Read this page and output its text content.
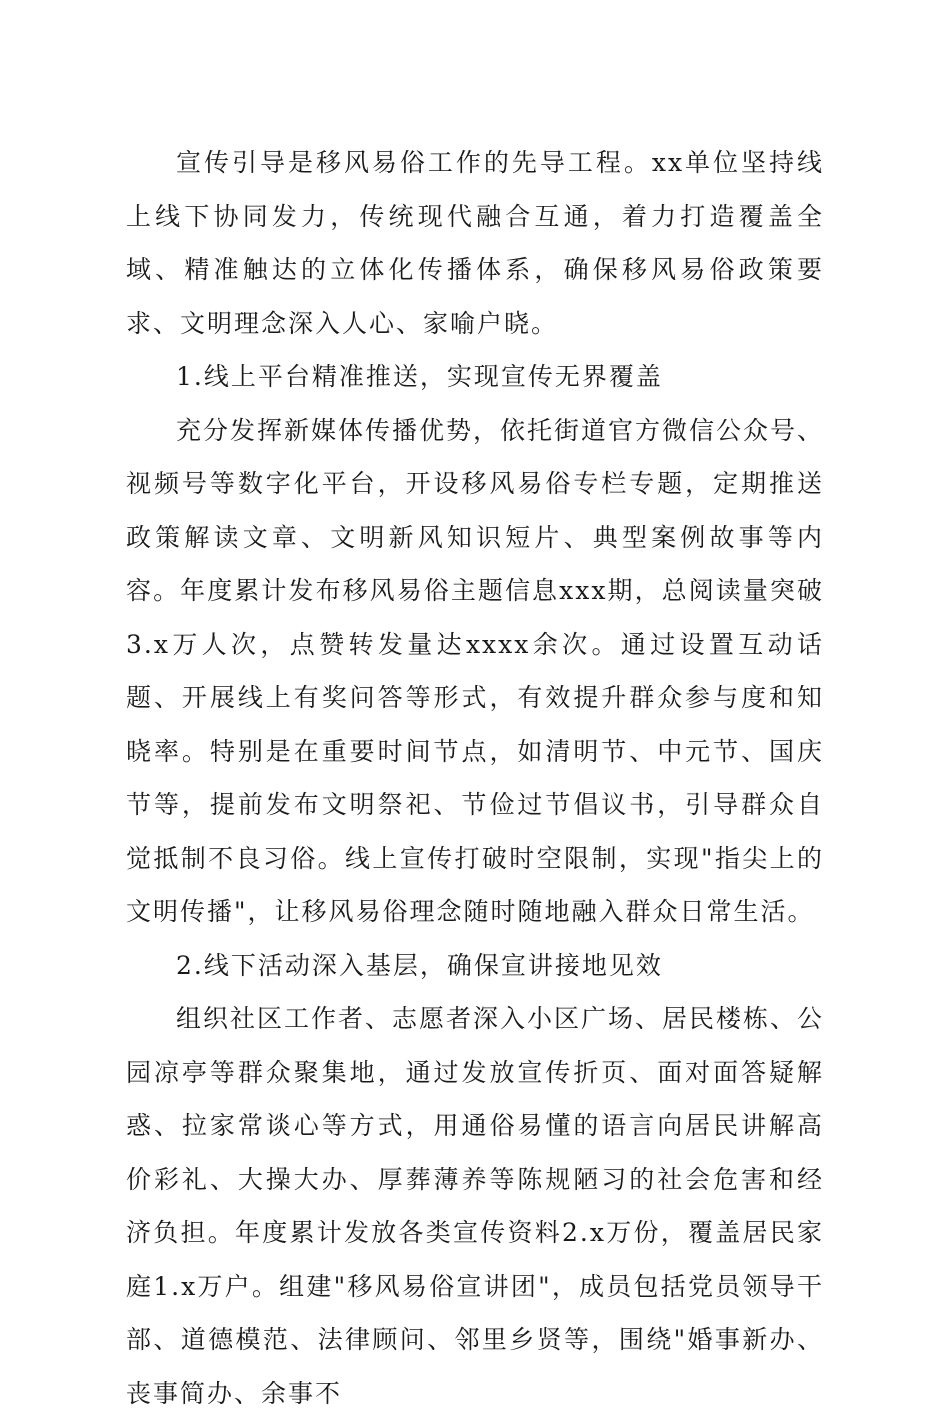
宣传引导是移风易俗工作的先导工程。xx单位坚持线上线下协同发力，传统现代融合互通，着力打造覆盖全域、精准触达的立体化传播体系，确保移风易俗政策要求、文明理念深入人心、家喻户晓。

1.线上平台精准推送，实现宣传无界覆盖

充分发挥新媒体传播优势，依托街道官方微信公众号、视频号等数字化平台，开设移风易俗专栏专题，定期推送政策解读文章、文明新风知识短片、典型案例故事等内容。年度累计发布移风易俗主题信息xxx期，总阅读量突破3.x万人次，点赞转发量达xxxx余次。通过设置互动话题、开展线上有奖问答等形式，有效提升群众参与度和知晓率。特别是在重要时间节点，如清明节、中元节、国庆节等，提前发布文明祭祀、节俭过节倡议书，引导群众自觉抵制不良习俗。线上宣传打破时空限制，实现"指尖上的文明传播"，让移风易俗理念随时随地融入群众日常生活。

2.线下活动深入基层，确保宣讲接地见效

组织社区工作者、志愿者深入小区广场、居民楼栋、公园凉亭等群众聚集地，通过发放宣传折页、面对面答疑解惑、拉家常谈心等方式，用通俗易懂的语言向居民讲解高价彩礼、大操大办、厚葬薄养等陈规陋习的社会危害和经济负担。年度累计发放各类宣传资料2.x万份，覆盖居民家庭1.x万户。组建"移风易俗宣讲团"，成员包括党员领导干部、道德模范、法律顾问、邻里乡贤等，围绕"婚事新办、丧事简办、余事不
